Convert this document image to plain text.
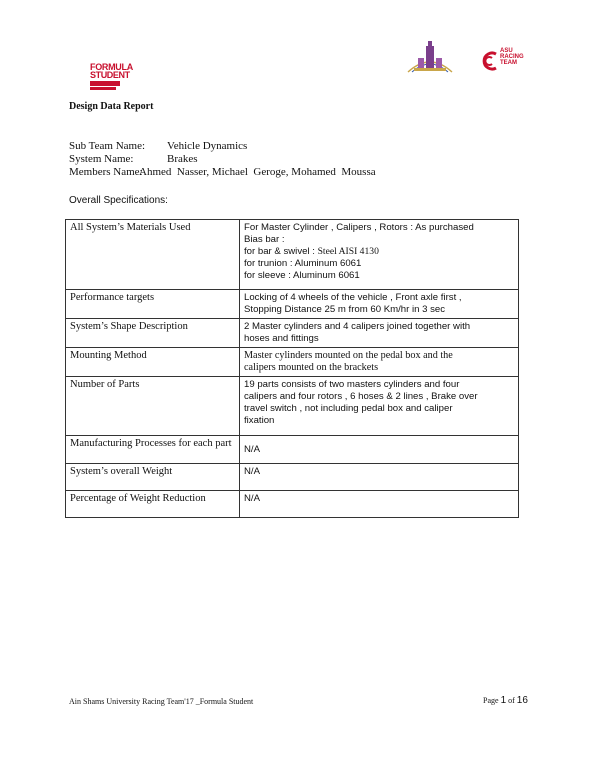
FORMULA
STUDENT
ASU
RACING
TEAM
Design Data Report
Sub Team Name: Vehicle Dynamics
System Name:	Brakes
Members Name:Ahmed  Nasser, Michael  Geroge, Mohamed  Moussa
Overall Specifications:
All System’s Materials Used	For Master Cylinder , Calipers , Rotors : As purchased
Bias bar :
for bar & swivel : Steel AISI 4130
for trunion : Aluminum 6061
for sleeve : Aluminum 6061

Performance targets	Locking of 4 wheels of the vehicle , Front axle first ,
Stopping Distance 25 m from 60 Km/hr in 3 sec

System’s Shape Description	2 Master cylinders and 4 calipers joined together with
hoses and fittings

Mounting Method	Master cylinders mounted on the pedal box and the
calipers mounted on the brackets

Number of Parts	19 parts consists of two masters cylinders and four
calipers and four rotors , 6 hoses & 2 lines , Brake over
travel switch , not including pedal box and caliper
fixation

Manufacturing Processes for each part	N/A

System’s overall Weight	N/A

Percentage of Weight Reduction	N/A
Ain Shams University Racing Team'17 _Formula Student	Page 1 of 16
